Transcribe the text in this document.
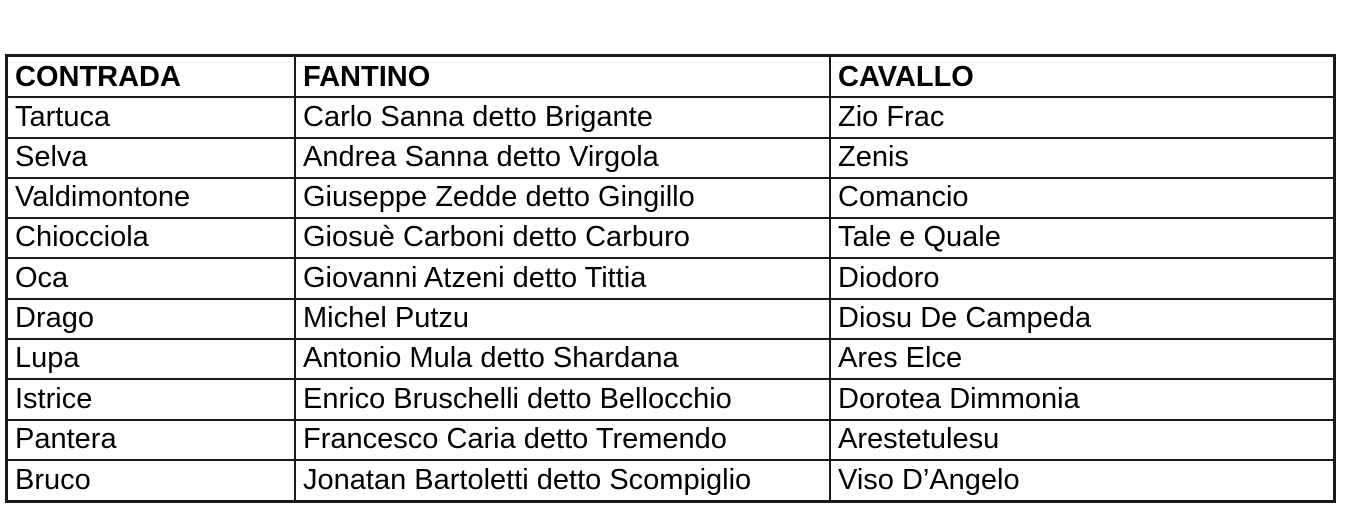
CONTRADA	FANTINO	CAVALLO
Tartuca	Carlo Sanna detto Brigante	Zio Frac
Selva	Andrea Sanna detto Virgola	Zenis
Valdimontone	Giuseppe Zedde detto Gingillo	Comancio
Chiocciola	Giosuè Carboni detto Carburo	Tale e Quale
Oca	Giovanni Atzeni detto Tittia	Diodoro
Drago	Michel Putzu	Diosu De Campeda
Lupa	Antonio Mula detto Shardana	Ares Elce
Istrice	Enrico Bruschelli detto Bellocchio	Dorotea Dimmonia
Pantera	Francesco Caria detto Tremendo	Arestetulesu
Bruco	Jonatan Bartoletti detto Scompiglio	Viso D’Angelo
